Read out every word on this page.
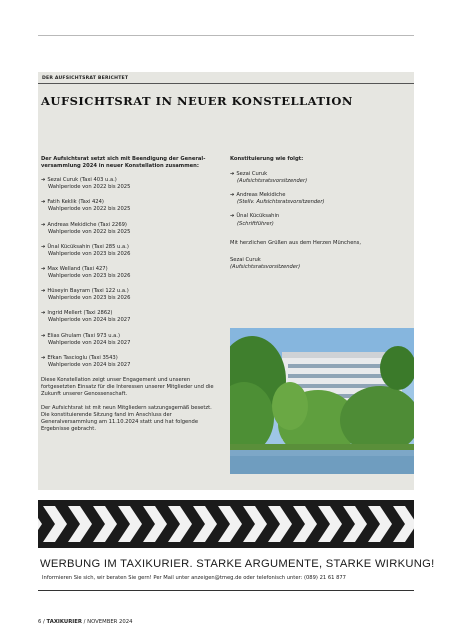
DER AUFSICHTSRAT BERICHTET
AUFSICHTSRAT IN NEUER KONSTELLATION

Der Aufsichtsrat setzt sich mit Beendigung der General-versammlung 2024 in neuer Konstellation zusammen:

➔ Sezai Curuk (Taxi 403 u.a.)
Wahlperiode von 2022 bis 2025
➔ Fatih Keklik (Taxi 424)
Wahlperiode von 2022 bis 2025
➔ Andreas Mekidiche (Taxi 2269)
Wahlperiode von 2022 bis 2025
➔ Ünal Kücüksahin (Taxi 285 u.a.)
Wahlperiode von 2023 bis 2026
➔ Max Welland (Taxi 427)
Wahlperiode von 2023 bis 2026
➔ Hüseyin Bayram (Taxi 122 u.a.)
Wahlperiode von 2023 bis 2026
➔ Ingrid Mellert (Taxi 2862)
Wahlperiode von 2024 bis 2027
➔ Elias Ghulam (Taxi 973 u.a.)
Wahlperiode von 2024 bis 2027
➔ Efkan Tascioglu (Taxi 3543)
Wahlperiode von 2024 bis 2027

Diese Konstellation zeigt unser Engagement und unseren fortgesetzten Einsatz für die Interessen unserer Mitglieder und die Zukunft unserer Genossenschaft.

Der Aufsichtsrat ist mit neun Mitgliedern satzungsgemäß besetzt. Die konstituierende Sitzung fand im Anschluss der Generalversammlung am 11.10.2024 statt und hat folgende Ergebnisse gebracht.

Konstituierung wie folgt:

➔ Sezai Curuk
(Aufsichtsratsvorsitzender)
➔ Andreas Mekidiche
(Stellv. Aufsichtsratsvorsitzender)
➔ Ünal Kücüksahin
(Schriftführer)

Mit herzlichen Grüßen aus dem Herzen Münchens,

Sezai Curuk
(Aufsichtsratsvorsitzender)
WERBUNG IM TAXIKURIER. STARKE ARGUMENTE, STARKE WIRKUNG!
Informieren Sie sich, wir beraten Sie gern! Per Mail unter anzeigen@tmeg.de oder telefonisch unter: (089) 21 61 877
6 / TAXIKURIER / NOVEMBER 2024
